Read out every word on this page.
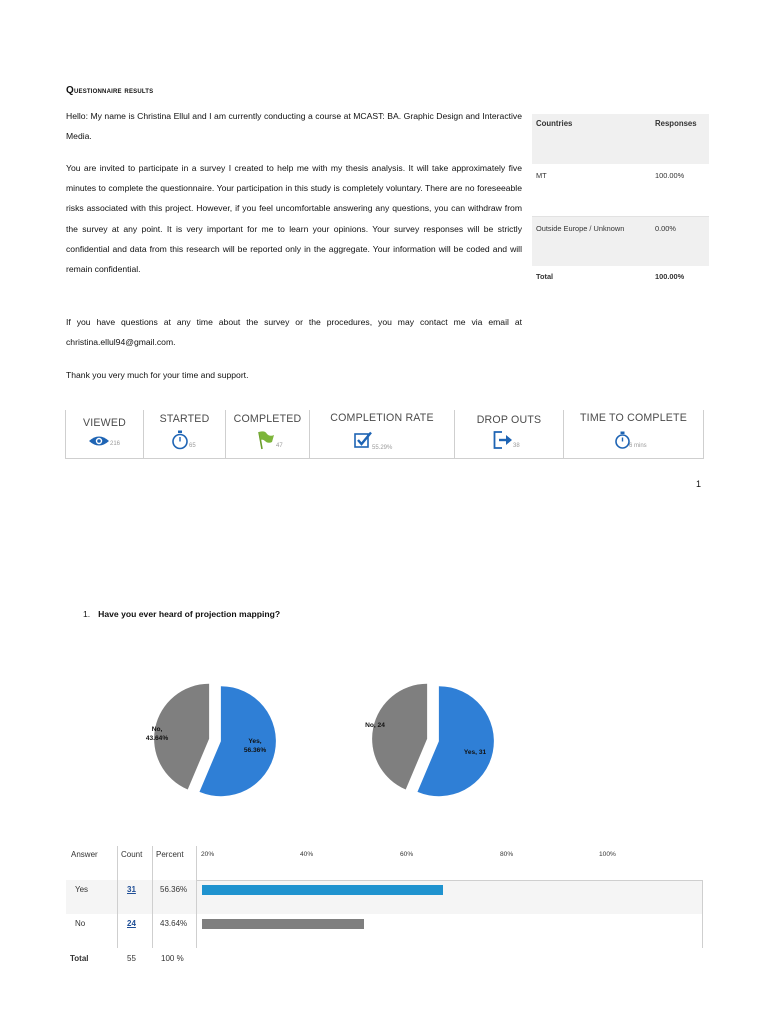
Questionnaire results

Hello: My name is Christina Ellul and I am currently conducting a course at MCAST: BA. Graphic Design and Interactive Media.

You are invited to participate in a survey I created to help me with my thesis analysis. It will take approximately five minutes to complete the questionnaire. Your participation in this study is completely voluntary. There are no foreseeable risks associated with this project. However, if you feel uncomfortable answering any questions, you can withdraw from the survey at any point. It is very important for me to learn your opinions. Your survey responses will be strictly confidential and data from this research will be reported only in the aggregate. Your information will be coded and will remain confidential.

If you have questions at any time about the survey or the procedures, you may contact me via email at christina.ellul94@gmail.com.

Thank you very much for your time and support.

Countries	Responses
MT	100.00%
Outside Europe / Unknown	0.00%
Total	100.00%
VIEWED
216
STARTED
65
COMPLETED
47
COMPLETION RATE
55.29%
DROP OUTS
38
TIME TO COMPLETE
6 mins
1
1. Have you ever heard of projection mapping?
No,
43.64%	Yes,
56.36%
No, 24
Yes, 31
Answer	Count Percent	20%	40%	60%	80%	100%
Yes	31	56.36%
No	24	43.64%
Total	55	100 %
